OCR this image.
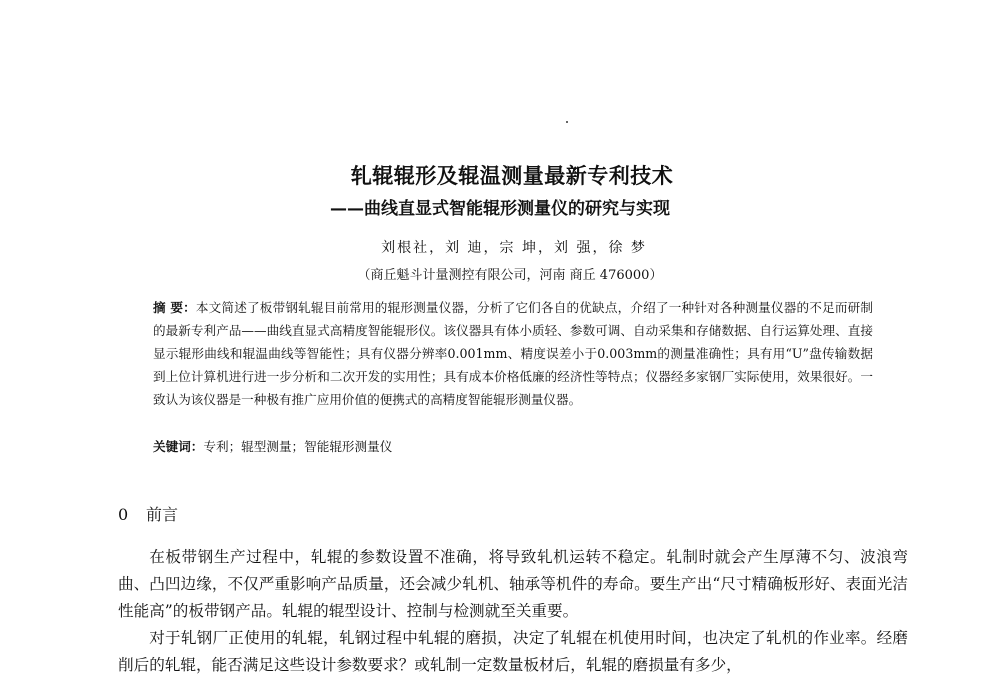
轧辊辊形及辊温测量最新专利技术
——曲线直显式智能辊形测量仪的研究与实现
刘根社，刘 迪，宗 坤，刘 强，徐 梦
（商丘魁斗计量测控有限公司，河南 商丘 476000）
摘 要：本文简述了板带钢轧辊目前常用的辊形测量仪器，分析了它们各自的优缺点，介绍了一种针对各种测量仪器的不足而研制的最新专利产品——曲线直显式高精度智能辊形仪。该仪器具有体小质轻、参数可调、自动采集和存储数据、自行运算处理、直接显示辊形曲线和辊温曲线等智能性；具有仪器分辨率0.001mm、精度误差小于0.003mm的测量准确性；具有用“U”盘传输数据到上位计算机进行进一步分析和二次开发的实用性；具有成本价格低廉的经济性等特点；仪器经多家钢厂实际使用，效果很好。一致认为该仪器是一种极有推广应用价值的便携式的高精度智能辊形测量仪器。
关键词：专利；辊型测量；智能辊形测量仪
0 前言

在板带钢生产过程中，轧辊的参数设置不准确，将导致轧机运转不稳定。轧制时就会产生厚薄不匀、波浪弯曲、凸凹边缘，不仅严重影响产品质量，还会减少轧机、轴承等机件的寿命。要生产出“尺寸精确板形好、表面光洁性能高”的板带钢产品。轧辊的辊型设计、控制与检测就至关重要。

对于轧钢厂正使用的轧辊，轧钢过程中轧辊的磨损，决定了轧辊在机使用时间，也决定了轧机的作业率。经磨削后的轧辊，能否满足这些设计参数要求？或轧制一定数量板材后，轧辊的磨损量有多少，
